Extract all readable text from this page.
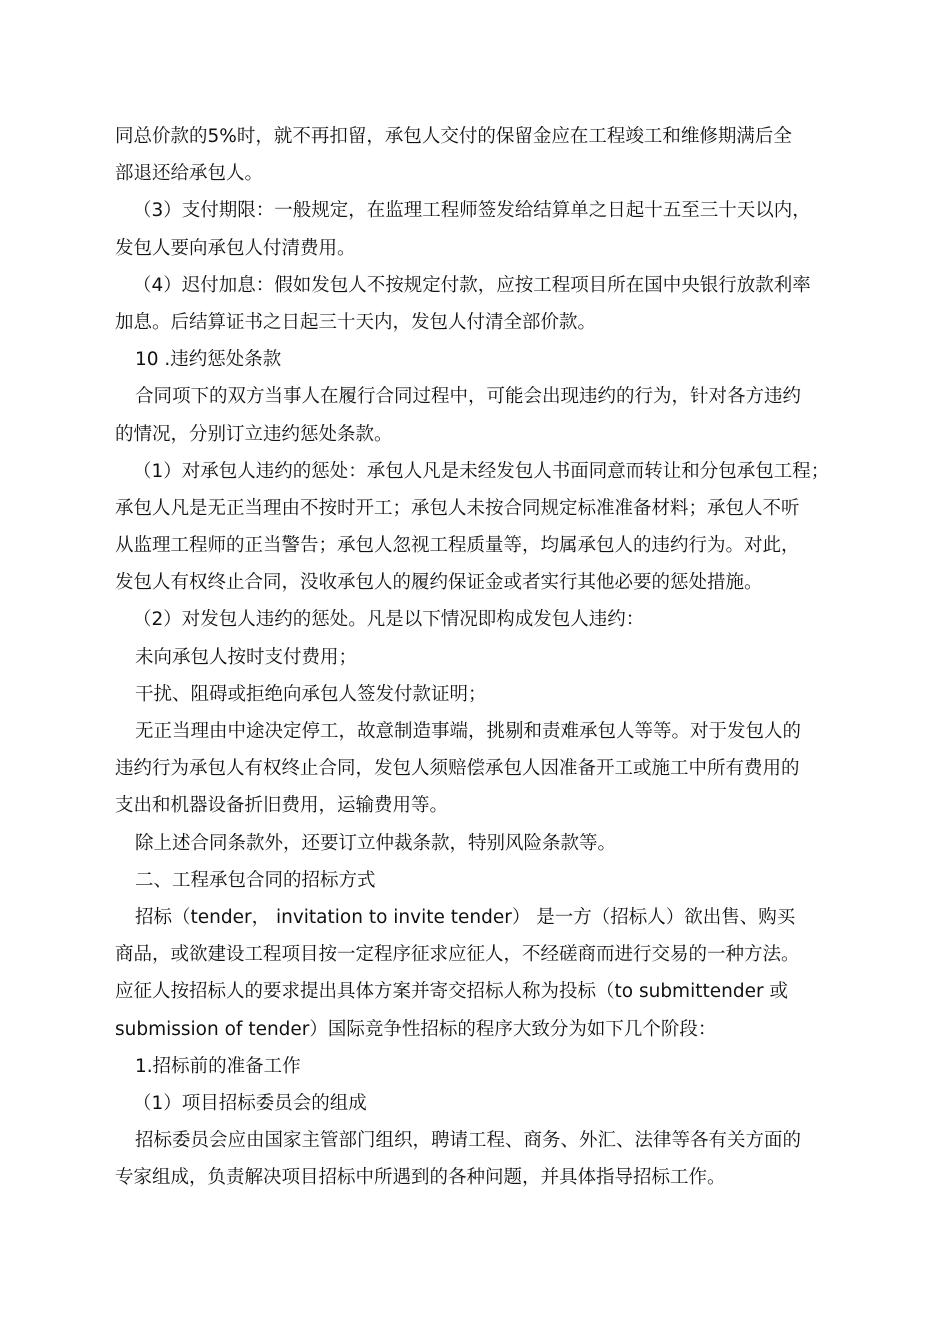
同总价款的5%时，就不再扣留，承包人交付的保留金应在工程竣工和维修期满后全

部退还给承包人。

（3）支付期限：一般规定，在监理工程师签发给结算单之日起十五至三十天以内，

发包人要向承包人付清费用。

（4）迟付加息：假如发包人不按规定付款，应按工程项目所在国中央银行放款利率

加息。后结算证书之日起三十天内，发包人付清全部价款。

10 .违约惩处条款

合同项下的双方当事人在履行合同过程中，可能会出现违约的行为，针对各方违约

的情况，分别订立违约惩处条款。

（1）对承包人违约的惩处：承包人凡是未经发包人书面同意而转让和分包承包工程；

承包人凡是无正当理由不按时开工；承包人未按合同规定标准准备材料；承包人不听

从监理工程师的正当警告；承包人忽视工程质量等，均属承包人的违约行为。对此，

发包人有权终止合同，没收承包人的履约保证金或者实行其他必要的惩处措施。

（2）对发包人违约的惩处。凡是以下情况即构成发包人违约：

未向承包人按时支付费用；

干扰、阻碍或拒绝向承包人签发付款证明；

无正当理由中途决定停工，故意制造事端，挑剔和责难承包人等等。对于发包人的

违约行为承包人有权终止合同，发包人须赔偿承包人因准备开工或施工中所有费用的

支出和机器设备折旧费用，运输费用等。

除上述合同条款外，还要订立仲裁条款，特别风险条款等。

二、工程承包合同的招标方式

招标（tender， invitation to invite tender） 是一方（招标人）欲出售、购买

商品，或欲建设工程项目按一定程序征求应征人，不经磋商而进行交易的一种方法。

应征人按招标人的要求提出具体方案并寄交招标人称为投标（to submittender 或

submission of tender）国际竞争性招标的程序大致分为如下几个阶段：

1.招标前的准备工作

（1）项目招标委员会的组成

招标委员会应由国家主管部门组织，聘请工程、商务、外汇、法律等各有关方面的

专家组成，负责解决项目招标中所遇到的各种问题，并具体指导招标工作。
